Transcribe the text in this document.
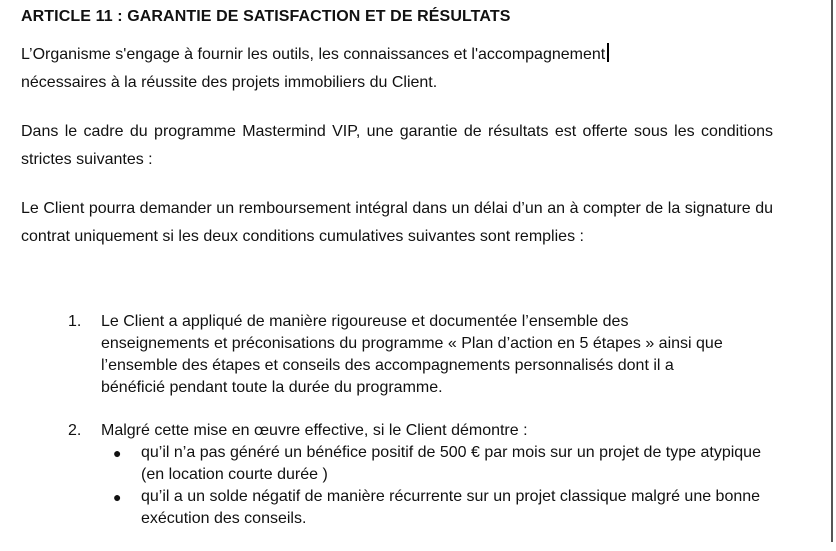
ARTICLE 11 : GARANTIE DE SATISFACTION ET DE RÉSULTATS
L’Organisme s'engage à fournir les outils, les connaissances et l'accompagnement
nécessaires à la réussite des projets immobiliers du Client.
Dans le cadre du programme Mastermind VIP, une garantie de résultats est offerte sous les conditions strictes suivantes :
Le Client pourra demander un remboursement intégral dans un délai d’un an à compter de la signature du contrat uniquement si les deux conditions cumulatives suivantes sont remplies :
1. Le Client a appliqué de manière rigoureuse et documentée l’ensemble des enseignements et préconisations du programme « Plan d’action en 5 étapes » ainsi que l’ensemble des étapes et conseils des accompagnements personnalisés dont il a bénéficié pendant toute la durée du programme.
2. Malgré cette mise en œuvre effective, si le Client démontre :
● qu’il n’a pas généré un bénéfice positif de 500 € par mois sur un projet de type atypique (en location courte durée )
● qu’il a un solde négatif de manière récurrente sur un projet classique malgré une bonne exécution des conseils.
